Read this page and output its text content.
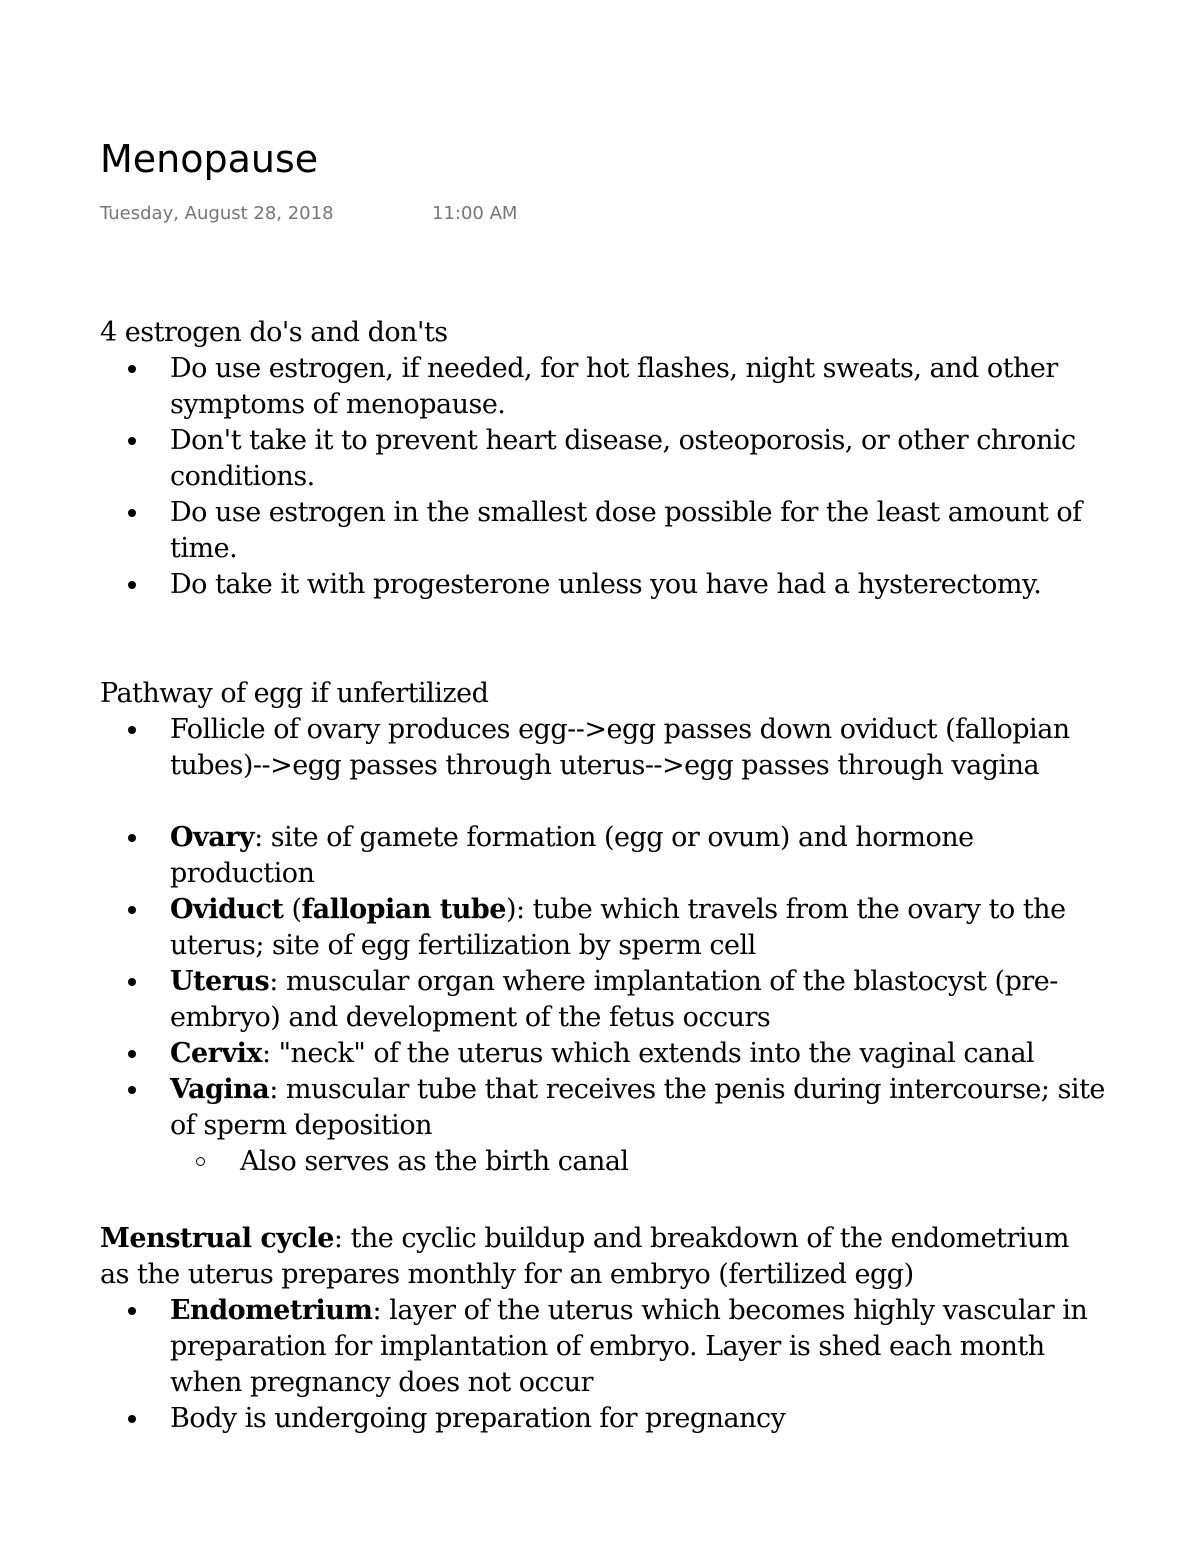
Menopause
Tuesday, August 28, 2018	11:00 AM
4 estrogen do's and don'ts
Do use estrogen, if needed, for hot flashes, night sweats, and other
symptoms of menopause.
Don't take it to prevent heart disease, osteoporosis, or other chronic
conditions.
Do use estrogen in the smallest dose possible for the least amount of
time.
Do take it with progesterone unless you have had a hysterectomy.
Pathway of egg if unfertilized
Follicle of ovary produces egg-->egg passes down oviduct (fallopian
tubes)-->egg passes through uterus-->egg passes through vagina
Ovary: site of gamete formation (egg or ovum) and hormone
production
Oviduct (fallopian tube): tube which travels from the ovary to the
uterus; site of egg fertilization by sperm cell
Uterus: muscular organ where implantation of the blastocyst (pre-
embryo) and development of the fetus occurs
Cervix: "neck" of the uterus which extends into the vaginal canal
Vagina: muscular tube that receives the penis during intercourse; site
of sperm deposition
Also serves as the birth canal
Menstrual cycle: the cyclic buildup and breakdown of the endometrium
as the uterus prepares monthly for an embryo (fertilized egg)
Endometrium: layer of the uterus which becomes highly vascular in
preparation for implantation of embryo. Layer is shed each month
when pregnancy does not occur
Body is undergoing preparation for pregnancy
